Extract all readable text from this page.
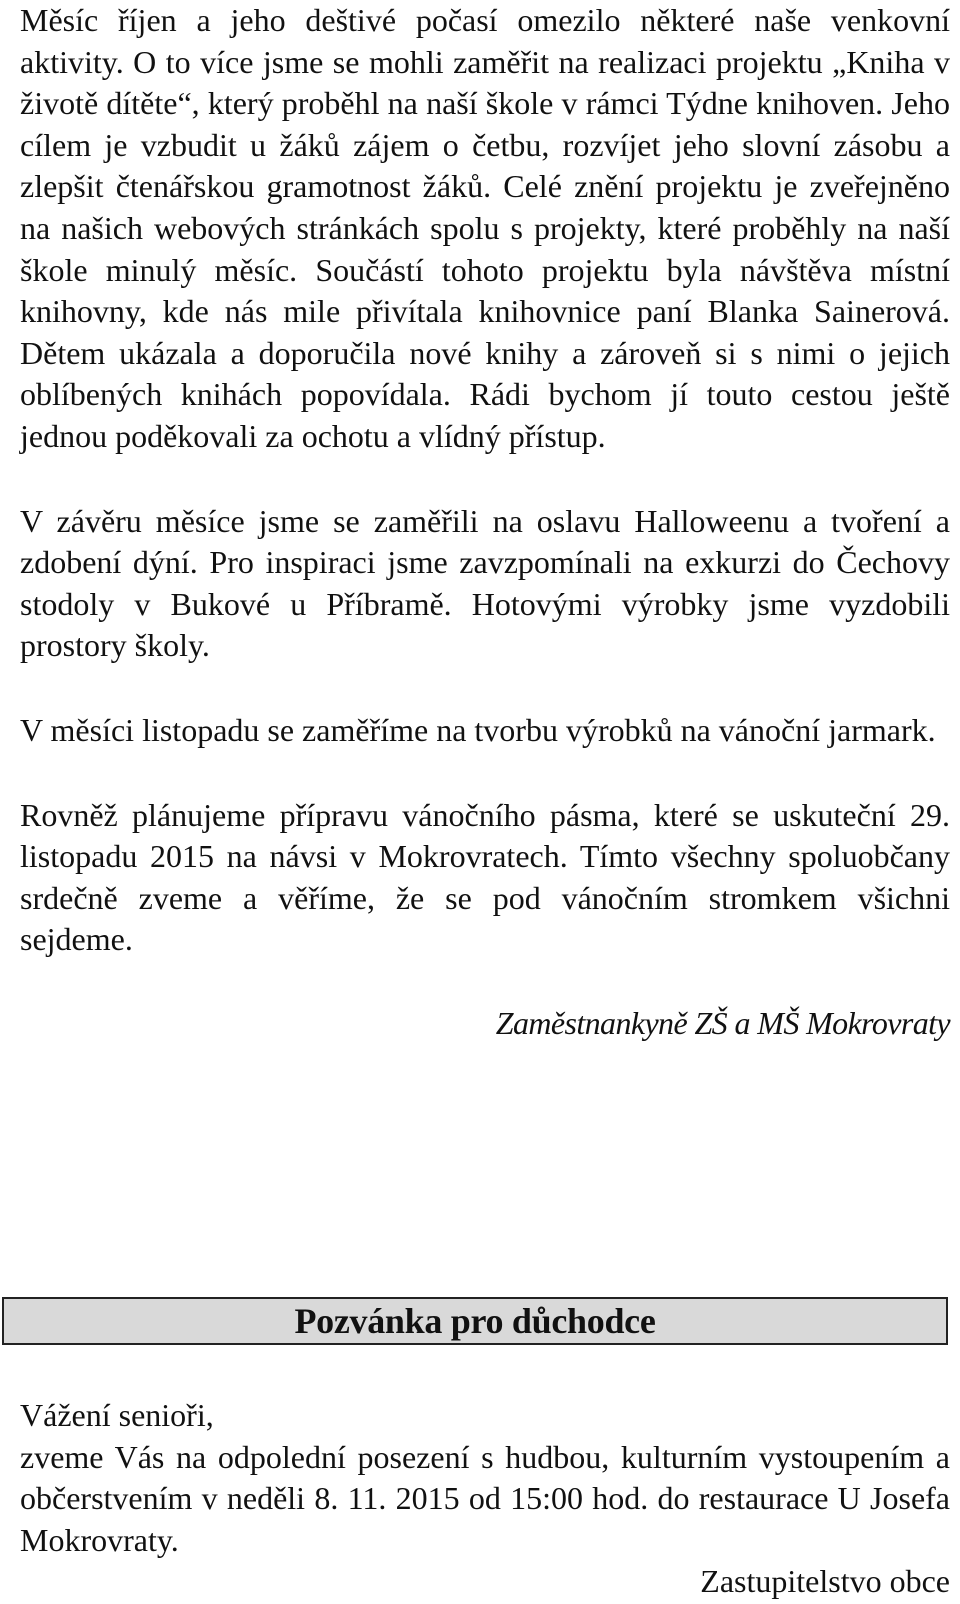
Měsíc říjen a jeho deštivé počasí omezilo některé naše venkovní aktivity. O to více jsme se mohli zaměřit na realizaci projektu „Kniha v životě dítěte“, který proběhl na naší škole v rámci Týdne knihoven. Jeho cílem je vzbudit u žáků zájem o četbu, rozvíjet jeho slovní zásobu a zlepšit čtenářskou gramotnost žáků. Celé znění projektu je zveřejněno na našich webových stránkách spolu s projekty, které proběhly na naší škole minulý měsíc. Součástí tohoto projektu byla návštěva místní knihovny, kde nás mile přivítala knihovnice paní Blanka Sainerová. Dětem ukázala a doporučila nové knihy a zároveň si s nimi o jejich oblíbených knihách popovídala. Rádi bychom jí touto cestou ještě jednou poděkovali za ochotu a vlídný přístup.

V závěru měsíce jsme se zaměřili na oslavu Halloweenu a tvoření a zdobení dýní. Pro inspiraci jsme zavzpomínali na exkurzi do Čechovy stodoly v Bukové u Příbramě. Hotovými výrobky jsme vyzdobili prostory školy.

V měsíci listopadu se zaměříme na tvorbu výrobků na vánoční jarmark.

Rovněž plánujeme přípravu vánočního pásma, které se uskuteční 29. listopadu 2015 na návsi v Mokrovratech. Tímto všechny spoluobčany srdečně zveme a věříme, že se pod vánočním stromkem všichni sejdeme.

Zaměstnankyně ZŠ a MŠ Mokrovraty

Pozvánka pro důchodce

Vážení senioři,

zveme Vás na odpolední posezení s hudbou, kulturním vystoupením a občerstvením v neděli 8. 11. 2015 od 15:00 hod. do restaurace U Josefa Mokrovraty.

Zastupitelstvo obce
